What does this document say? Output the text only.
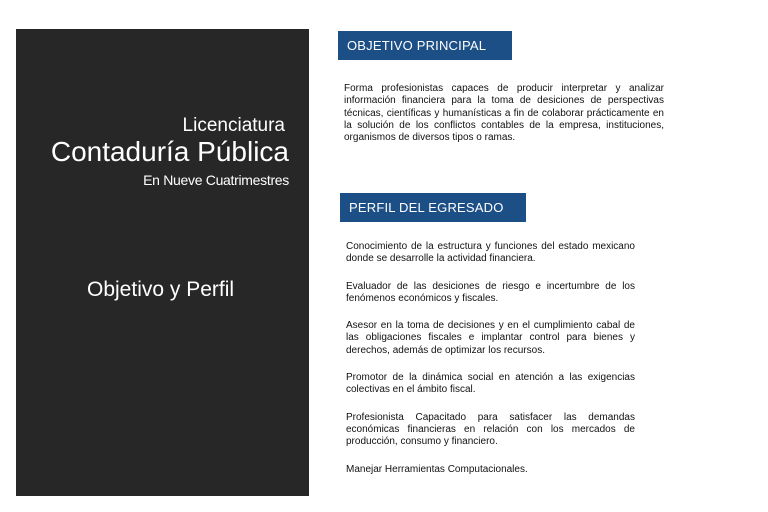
Licenciatura
Contaduría Pública
En Nueve Cuatrimestres
Objetivo y Perfil
OBJETIVO PRINCIPAL
Forma profesionistas capaces de producir interpretar y analizar información financiera para la toma de desiciones de perspectivas técnicas, científicas y humanísticas a fin de colaborar prácticamente en la solución de los conflictos contables de la empresa, instituciones, organismos de diversos tipos o ramas.
PERFIL DEL EGRESADO
Conocimiento de la estructura y funciones del estado mexicano donde se desarrolle la actividad financiera.
Evaluador de las desiciones de riesgo e incertumbre de los fenómenos económicos y fiscales.
Asesor en la toma de decisiones y en el cumplimiento cabal de las obligaciones fiscales e implantar control para bienes y derechos, además de optimizar los recursos.
Promotor de la dinámica social en atención a las exigencias colectivas en el ámbito fiscal.
Profesionista Capacitado para satisfacer las demandas económicas financieras en relación con los mercados de producción, consumo y financiero.
Manejar Herramientas Computacionales.
